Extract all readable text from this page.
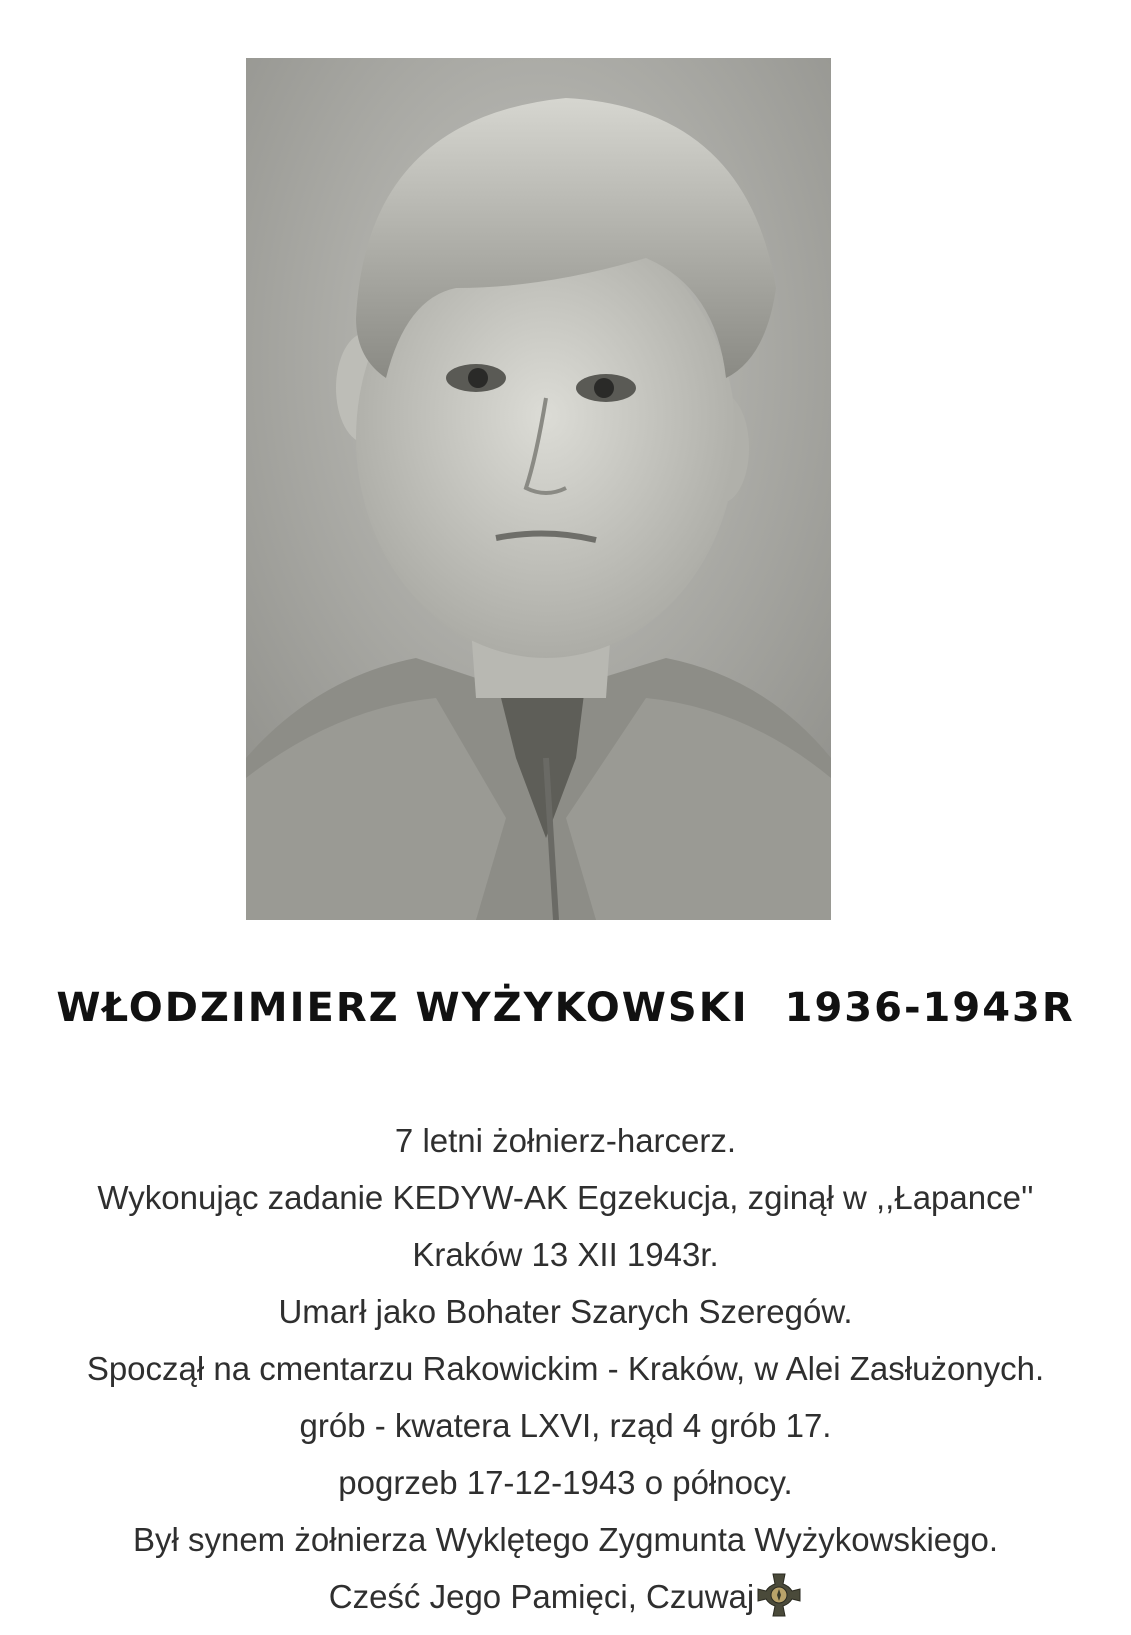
WŁODZIMIERZ WYŻYKOWSKI 1936-1943R
7 letni żołnierz-harcerz.
Wykonując zadanie KEDYW-AK Egzekucja, zginął w ,,Łapance''
Kraków 13 XII 1943r.
Umarł jako Bohater Szarych Szeregów.
Spoczął na cmentarzu Rakowickim - Kraków, w Alei Zasłużonych.
grób - kwatera LXVI, rząd 4 grób 17.
pogrzeb 17-12-1943 o północy.
Był synem żołnierza Wyklętego Zygmunta Wyżykowskiego.
Cześć Jego Pamięci, Czuwaj
